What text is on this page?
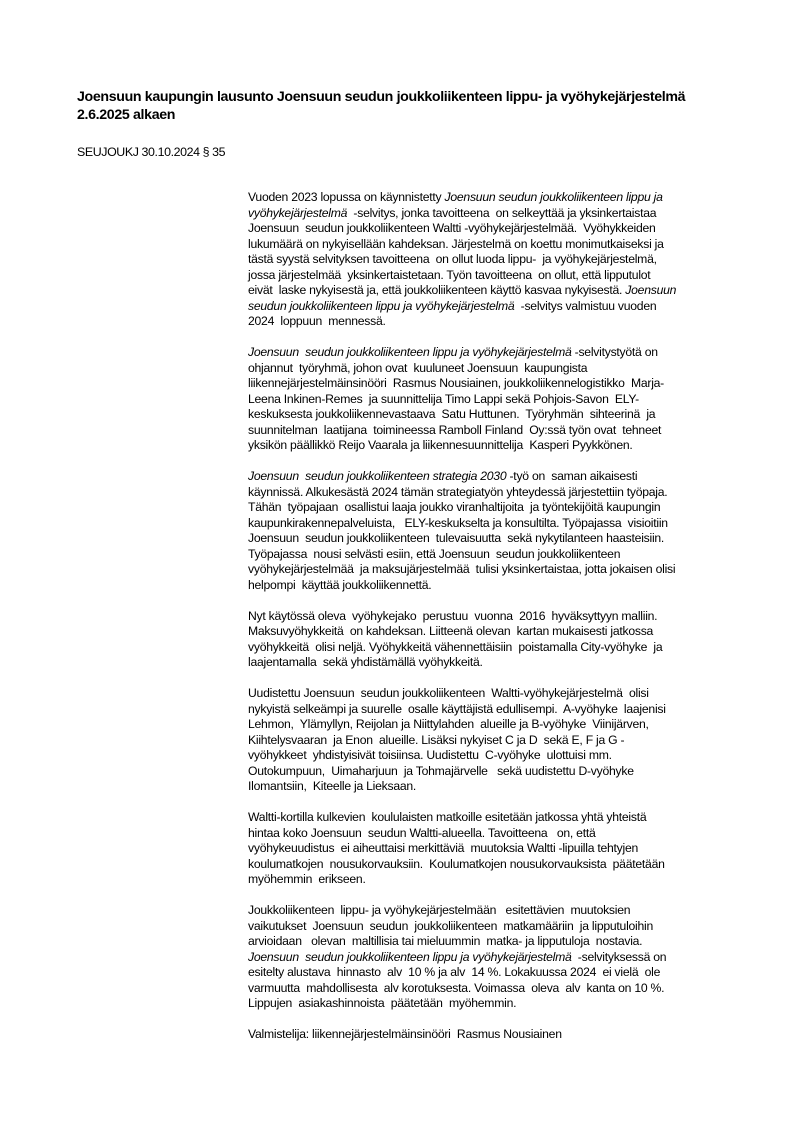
Joensuun kaupungin lausunto Joensuun seudun joukkoliikenteen lippu- ja vyöhykejärjestelmä
2.6.2025 alkaen

SEUJOUKJ 30.10.2024 § 35

Vuoden 2023 lopussa on käynnistetty Joensuun seudun joukkoliikenteen lippu ja
vyöhykejärjestelmä  -selvitys, jonka tavoitteena  on selkeyttää ja yksinkertaistaa
Joensuun  seudun joukkoliikenteen Waltti -vyöhykejärjestelmää.  Vyöhykkeiden
lukumäärä on nykyisellään kahdeksan. Järjestelmä on koettu monimutkaiseksi ja
tästä syystä selvityksen tavoitteena  on ollut luoda lippu-  ja vyöhykejärjestelmä,
jossa järjestelmää  yksinkertaistetaan. Työn tavoitteena  on ollut, että lipputulot
eivät  laske nykyisestä ja, että joukkoliikenteen käyttö kasvaa nykyisestä. Joensuun
seudun joukkoliikenteen lippu ja vyöhykejärjestelmä  -selvitys valmistuu vuoden
2024  loppuun  mennessä.
Joensuun  seudun joukkoliikenteen lippu ja vyöhykejärjestelmä -selvitystyötä on
ohjannut  työryhmä, johon ovat  kuuluneet Joensuun  kaupungista
liikennejärjestelmäinsinööri  Rasmus Nousiainen, joukkoliikennelogistikko  Marja-
Leena Inkinen-Remes  ja suunnittelija Timo Lappi sekä Pohjois-Savon  ELY-
keskuksesta joukkoliikennevastaava  Satu Huttunen.  Työryhmän  sihteerinä  ja
suunnitelman  laatijana  toimineessa Ramboll Finland  Oy:ssä työn ovat  tehneet
yksikön päällikkö Reijo Vaarala ja liikennesuunnittelija  Kasperi Pyykkönen.
Joensuun  seudun joukkoliikenteen strategia 2030 -työ on  saman aikaisesti
käynnissä. Alkukesästä 2024 tämän strategiatyön yhteydessä järjestettiin työpaja.
Tähän  työpajaan  osallistui laaja joukko viranhaltijoita  ja työntekijöitä kaupungin
kaupunkirakennepalveluista,   ELY-keskukselta ja konsultilta. Työpajassa  visioitiin
Joensuun  seudun joukkoliikenteen  tulevaisuutta  sekä nykytilanteen haasteisiin.
Työpajassa  nousi selvästi esiin, että Joensuun  seudun joukkoliikenteen
vyöhykejärjestelmää  ja maksujärjestelmää  tulisi yksinkertaistaa, jotta jokaisen olisi
helpompi  käyttää joukkoliikennettä.
Nyt käytössä oleva  vyöhykejako  perustuu  vuonna  2016  hyväksyttyyn malliin.
Maksuvyöhykkeitä  on kahdeksan. Liitteenä olevan  kartan mukaisesti jatkossa
vyöhykkeitä  olisi neljä. Vyöhykkeitä vähennettäisiin  poistamalla City-vyöhyke  ja
laajentamalla  sekä yhdistämällä vyöhykkeitä.
Uudistettu Joensuun  seudun joukkoliikenteen  Waltti-vyöhykejärjestelmä  olisi
nykyistä selkeämpi ja suurelle  osalle käyttäjistä edullisempi.  A-vyöhyke  laajenisi
Lehmon,  Ylämyllyn, Reijolan ja Niittylahden  alueille ja B-vyöhyke  Viinijärven,
Kiihtelysvaaran  ja Enon  alueille. Lisäksi nykyiset C ja D  sekä E, F ja G -
vyöhykkeet  yhdistyisivät toisiinsa. Uudistettu  C-vyöhyke  ulottuisi mm.
Outokumpuun,  Uimaharjuun  ja Tohmajärvelle   sekä uudistettu D-vyöhyke
Ilomantsiin,  Kiteelle ja Lieksaan.
Waltti-kortilla kulkevien  koululaisten matkoille esitetään jatkossa yhtä yhteistä
hintaa koko Joensuun  seudun Waltti-alueella. Tavoitteena   on, että
vyöhykeuudistus  ei aiheuttaisi merkittäviä  muutoksia Waltti -lipuilla tehtyjen
koulumatkojen  nousukorvauksiin.  Koulumatkojen nousukorvauksista  päätetään
myöhemmin  erikseen.
Joukkoliikenteen  lippu- ja vyöhykejärjestelmään   esitettävien  muutoksien
vaikutukset  Joensuun  seudun  joukkoliikenteen  matkamääriin  ja lipputuloihin
arvioidaan   olevan  maltillisia tai mieluummin  matka- ja lipputuloja  nostavia.
Joensuun  seudun joukkoliikenteen lippu ja vyöhykejärjestelmä  -selvityksessä on
esitelty alustava  hinnasto  alv  10 % ja alv  14 %. Lokakuussa 2024  ei vielä  ole
varmuutta  mahdollisesta  alv korotuksesta. Voimassa  oleva  alv  kanta on 10 %.
Lippujen  asiakashinnoista  päätetään  myöhemmin.
Valmistelija: liikennejärjestelmäinsinööri  Rasmus Nousiainen
